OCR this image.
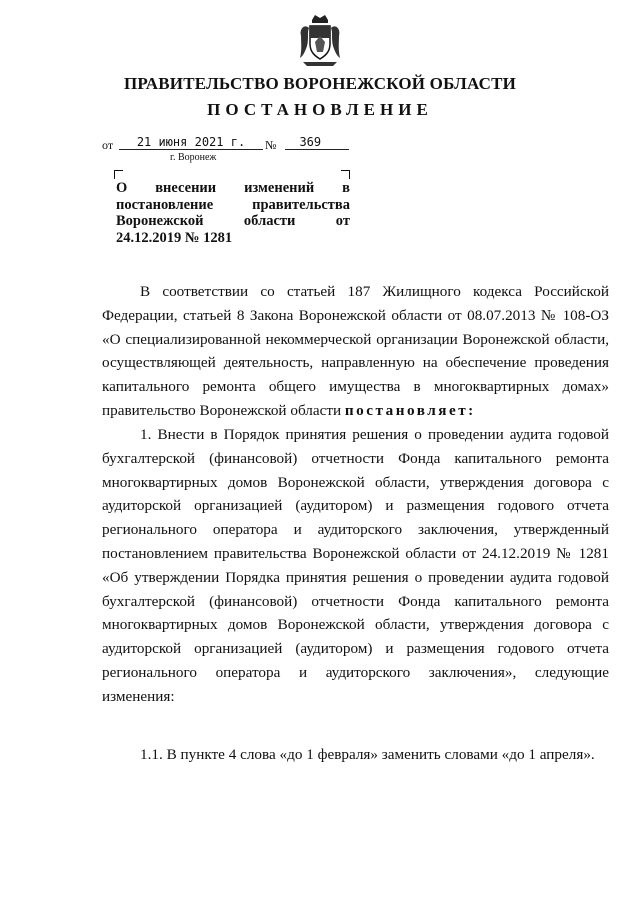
ПРАВИТЕЛЬСТВО ВОРОНЕЖСКОЙ ОБЛАСТИ
ПОСТАНОВЛЕНИЕ
от	21 июня 2021 г.	№	369
г. Воронеж

О внесении изменений в

постановление правительства

Воронежской области от

24.12.2019 № 1281

В соответствии со статьей 187 Жилищного кодекса Российской
Федерации, статьей 8 Закона Воронежской области от 08.07.2013 № 108-ОЗ
«О специализированной некоммерческой организации Воронежской области,
осуществляющей деятельность, направленную на обеспечение проведения
капитального ремонта общего имущества в многоквартирных домах»
правительство Воронежской области постановляет:
1. Внести в Порядок принятия решения о проведении аудита годовой
бухгалтерской (финансовой) отчетности Фонда капитального ремонта
многоквартирных домов Воронежской области, утверждения договора с
аудиторской организацией (аудитором) и размещения годового отчета
регионального оператора и аудиторского заключения, утвержденный
постановлением правительства Воронежской области от 24.12.2019 № 1281
«Об утверждении Порядка принятия решения о проведении аудита годовой
бухгалтерской (финансовой) отчетности Фонда капитального ремонта
многоквартирных домов Воронежской области, утверждения договора с
аудиторской организацией (аудитором) и размещения годового отчета
регионального оператора и аудиторского заключения», следующие
изменения:
1.1. В пункте 4 слова «до 1 февраля» заменить словами «до 1 апреля».
